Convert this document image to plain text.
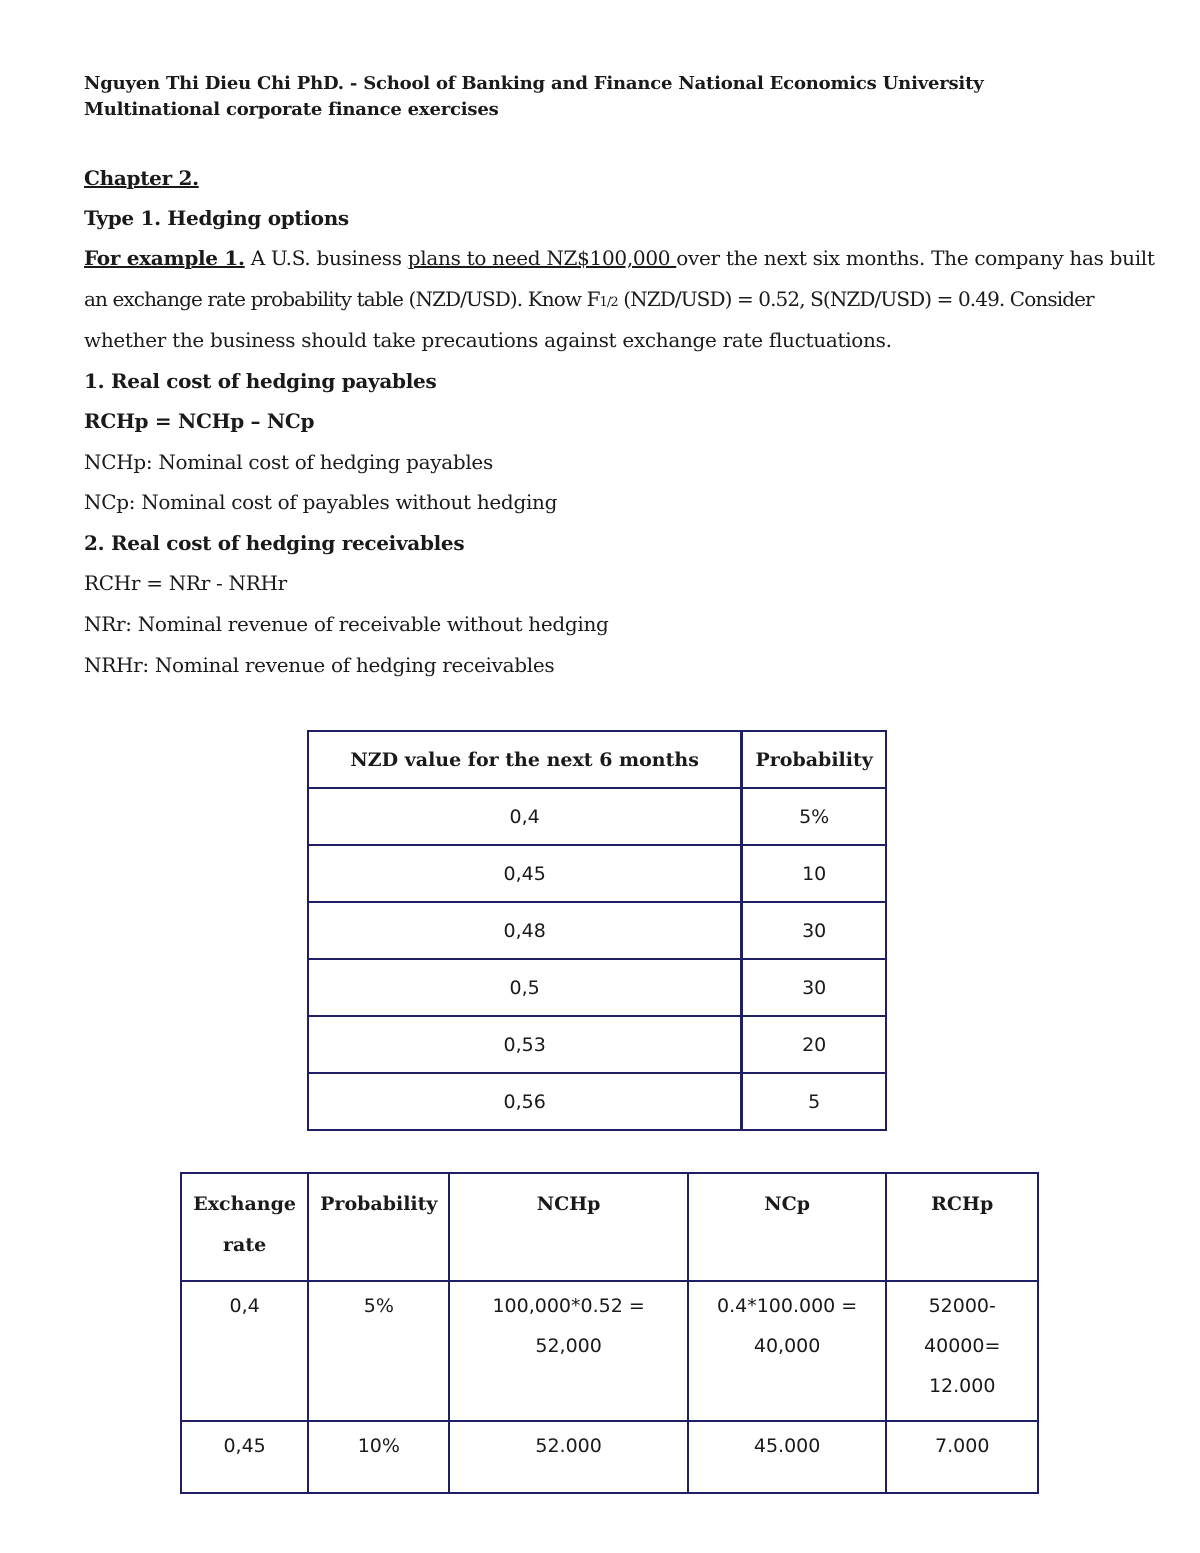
Nguyen Thi Dieu Chi PhD. - School of Banking and Finance National Economics University
Multinational corporate finance exercises
Chapter 2.
Type 1. Hedging options
For example 1. A U.S. business plans to need NZ$100,000 over the next six months. The company has built
an exchange rate probability table (NZD/USD). Know F1/2 (NZD/USD) = 0.52, S(NZD/USD) = 0.49. Consider
whether the business should take precautions against exchange rate fluctuations.
1. Real cost of hedging payables
RCHp = NCHp – NCp
NCHp: Nominal cost of hedging payables
NCp: Nominal cost of payables without hedging
2. Real cost of hedging receivables
RCHr = NRr - NRHr
NRr: Nominal revenue of receivable without hedging
NRHr: Nominal revenue of hedging receivables
NZD value for the next 6 months	Probability
0,4	5%
0,45	10
0,48	30
0,5	30
0,53	20
0,56	5
Exchange rate	Probability	NCHp	NCp	RCHp
0,4	5%	100,000*0.52 = 52,000	0.4*100.000 = 40,000	52000-40000= 12.000
0,45	10%	52.000	45.000	7.000
